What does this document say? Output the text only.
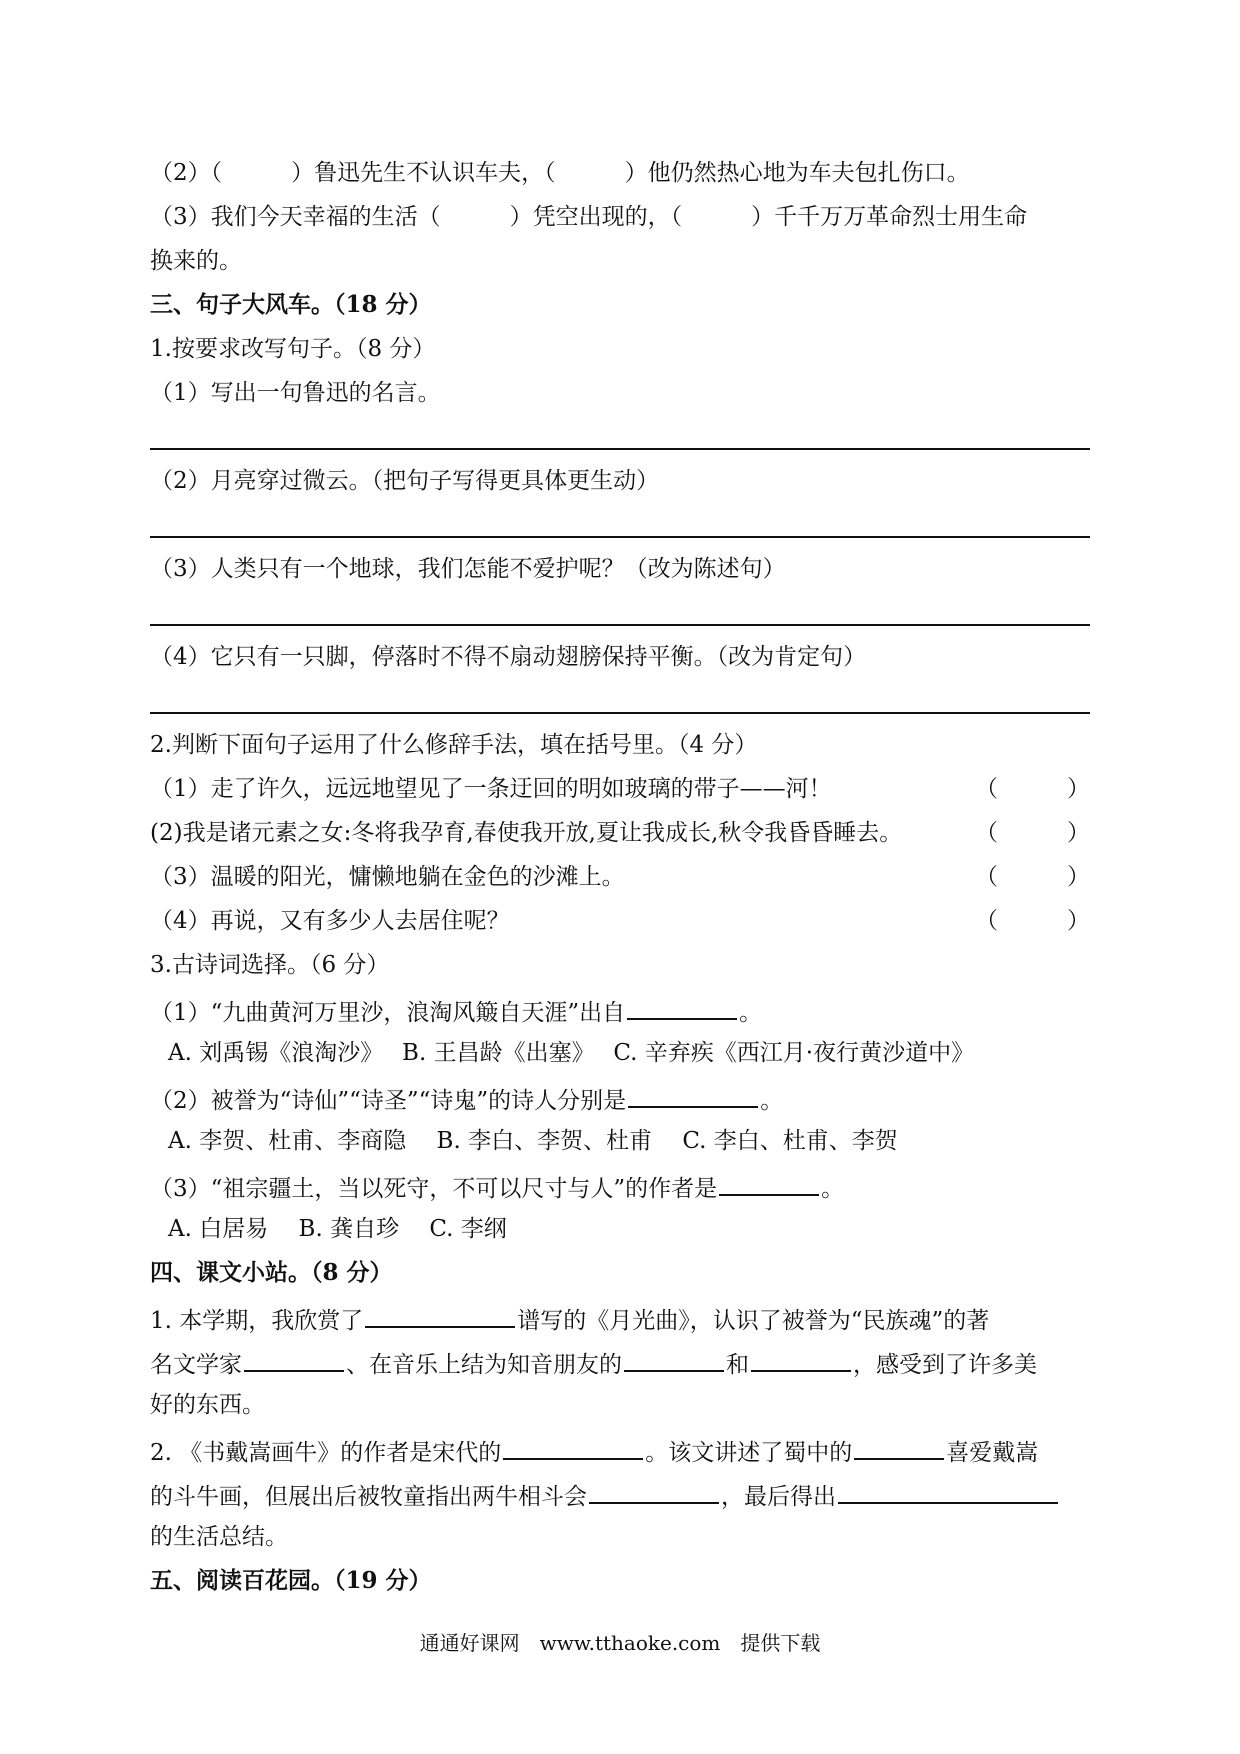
（2）（　　　）鲁迅先生不认识车夫，（　　　）他仍然热心地为车夫包扎伤口。
（3）我们今天幸福的生活（　　　）凭空出现的，（　　　）千千万万革命烈士用生命
换来的。
三、句子大风车。（18 分）
1.按要求改写句子。（8 分）
（1）写出一句鲁迅的名言。
（2）月亮穿过微云。（把句子写得更具体更生动）
（3）人类只有一个地球，我们怎能不爱护呢？（改为陈述句）
（4）它只有一只脚，停落时不得不扇动翅膀保持平衡。（改为肯定句）
2.判断下面句子运用了什么修辞手法，填在括号里。（4 分）
（1）走了许久，远远地望见了一条迂回的明如玻璃的带子——河！	（　　　）
(2)我是诸元素之女:冬将我孕育,春使我开放,夏让我成长,秋令我昏昏睡去。	（　　　）
（3）温暖的阳光，慵懒地躺在金色的沙滩上。	（　　　）
（4）再说，又有多少人去居住呢？	（　　　）
3.古诗词选择。（6 分）
（1）“九曲黄河万里沙，浪淘风簸自天涯”出自	。
A. 刘禹锡《浪淘沙》　 B. 王昌龄《出塞》　 C. 辛弃疾《西江月·夜行黄沙道中》
（2）被誉为“诗仙”“诗圣”“诗鬼”的诗人分别是	。
A. 李贺、杜甫、李商隐　 B. 李白、李贺、杜甫　 C. 李白、杜甫、李贺
（3）“祖宗疆土，当以死守，不可以尺寸与人”的作者是	。
A. 白居易　 B. 龚自珍　 C. 李纲
四、课文小站。（8 分）
1. 本学期，我欣赏了	谱写的《月光曲》，认识了被誉为“民族魂”的著
名文学家	、在音乐上结为知音朋友的	和	，感受到了许多美
好的东西。
2. 《书戴嵩画牛》的作者是宋代的	。该文讲述了蜀中的	喜爱戴嵩
的斗牛画，但展出后被牧童指出两牛相斗会	，最后得出
的生活总结。
五、阅读百花园。（19 分）
通通好课网　www.tthaoke.com　提供下载
